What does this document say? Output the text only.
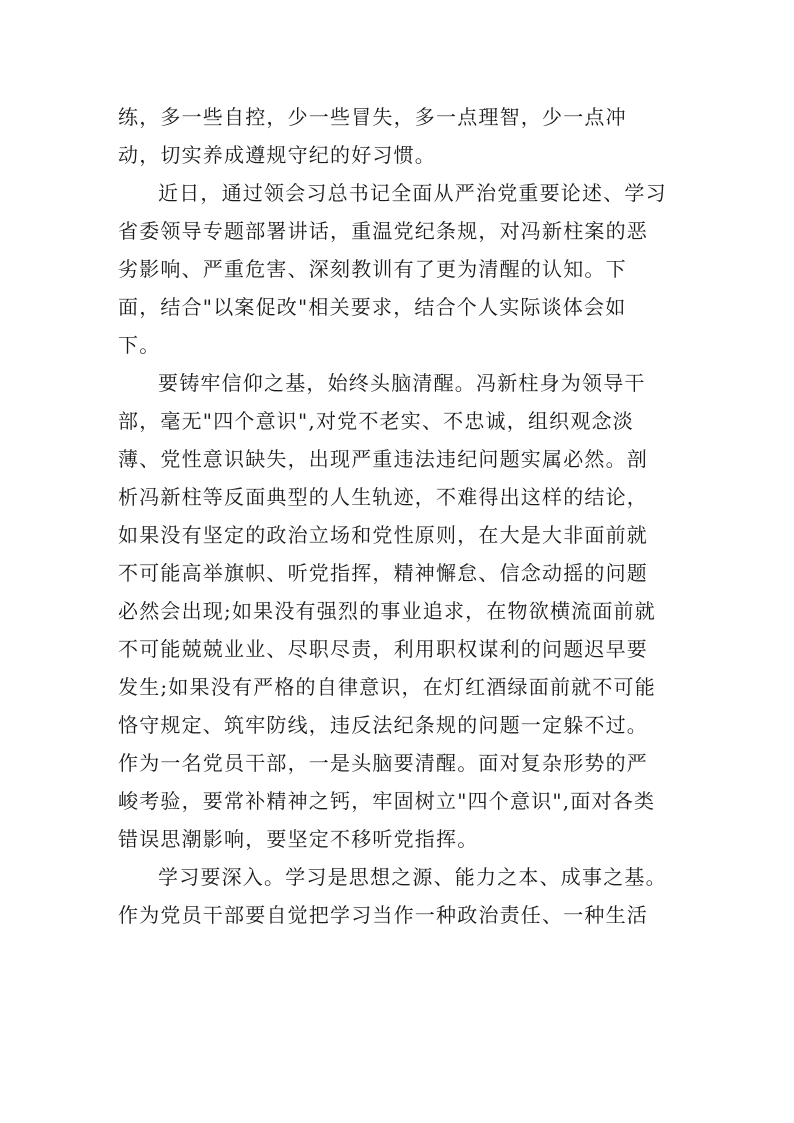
练，多一些自控，少一些冒失，多一点理智，少一点冲
动，切实养成遵规守纪的好习惯。
近日，通过领会习总书记全面从严治党重要论述、学习
省委领导专题部署讲话，重温党纪条规，对冯新柱案的恶
劣影响、严重危害、深刻教训有了更为清醒的认知。下
面，结合"以案促改"相关要求，结合个人实际谈体会如
下。
要铸牢信仰之基，始终头脑清醒。冯新柱身为领导干
部，毫无"四个意识",对党不老实、不忠诚，组织观念淡
薄、党性意识缺失，出现严重违法违纪问题实属必然。剖
析冯新柱等反面典型的人生轨迹，不难得出这样的结论，
如果没有坚定的政治立场和党性原则，在大是大非面前就
不可能高举旗帜、听党指挥，精神懈怠、信念动摇的问题
必然会出现;如果没有强烈的事业追求，在物欲横流面前就
不可能兢兢业业、尽职尽责，利用职权谋利的问题迟早要
发生;如果没有严格的自律意识，在灯红酒绿面前就不可能
恪守规定、筑牢防线，违反法纪条规的问题一定躲不过。
作为一名党员干部，一是头脑要清醒。面对复杂形势的严
峻考验，要常补精神之钙，牢固树立"四个意识",面对各类
错误思潮影响，要坚定不移听党指挥。
学习要深入。学习是思想之源、能力之本、成事之基。
作为党员干部要自觉把学习当作一种政治责任、一种生活
